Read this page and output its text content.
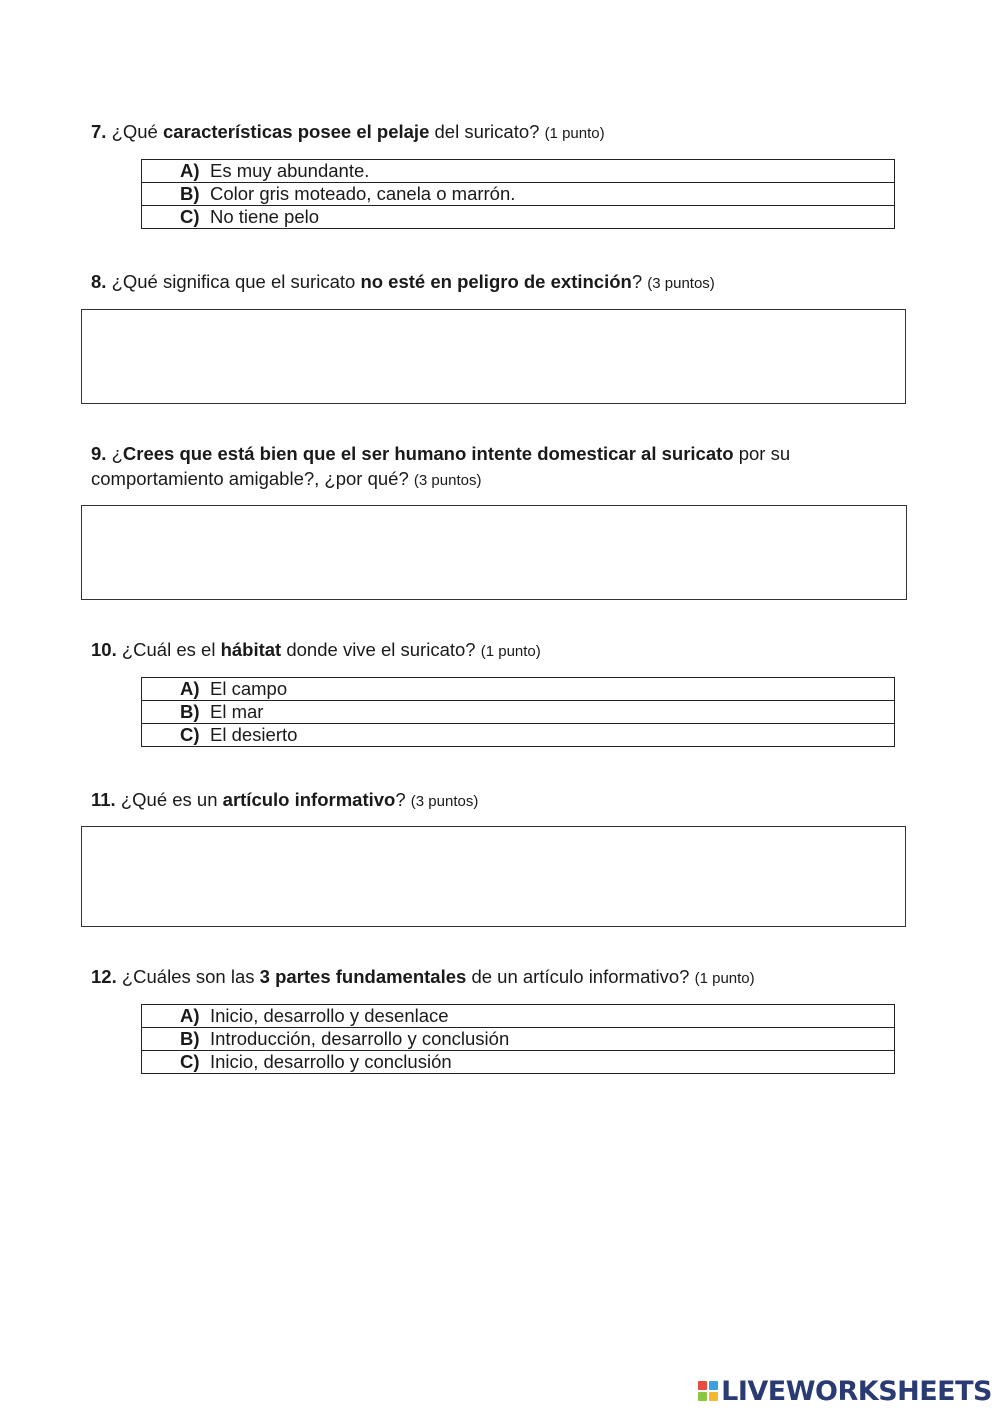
7. ¿Qué características posee el pelaje del suricato? (1 punto)
A) Es muy abundante.
B) Color gris moteado, canela o marrón.
C) No tiene pelo
8. ¿Qué significa que el suricato no esté en peligro de extinción? (3 puntos)
9. ¿Crees que está bien que el ser humano intente domesticar al suricato por su comportamiento amigable?, ¿por qué? (3 puntos)
10. ¿Cuál es el hábitat donde vive el suricato? (1 punto)
A) El campo
B) El mar
C) El desierto
11. ¿Qué es un artículo informativo? (3 puntos)
12. ¿Cuáles son las 3 partes fundamentales de un artículo informativo? (1 punto)
A) Inicio, desarrollo y desenlace
B) Introducción, desarrollo y conclusión
C) Inicio, desarrollo y conclusión
LIVEWORKSHEETS
